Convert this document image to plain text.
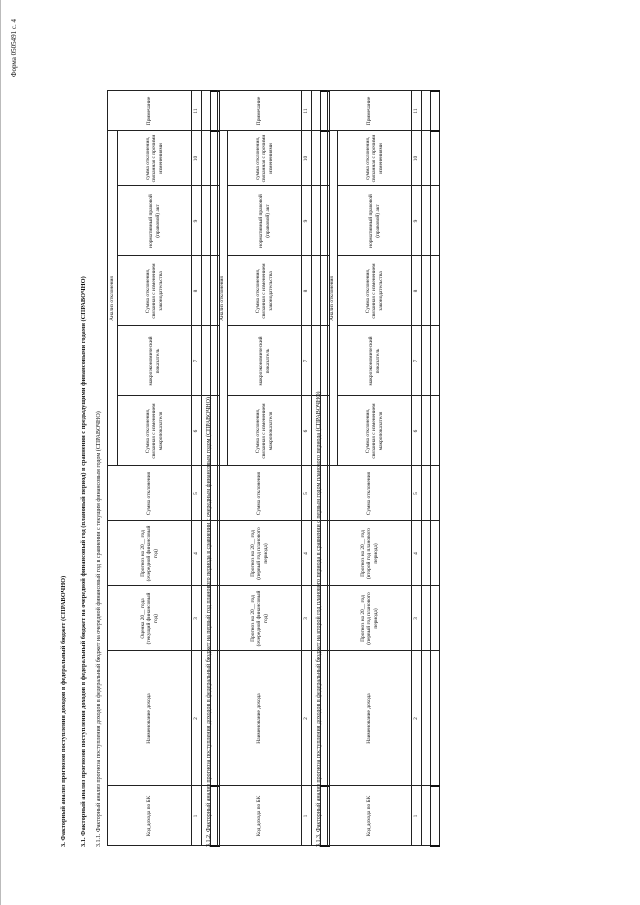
Форма 0505491 с. 4
3. Факторный анализ прогнозов поступления доходов в федеральный бюджет (СПРАВОЧНО) 3.1. Факторный анализ прогнозов поступления доходов в федеральный бюджет на очередной финансовый год (плановый период) в сравнении с предыдущими финансовыми годами (СПРАВОЧНО) 3.1.1. Факторный анализ прогноза поступления доходов в федеральный бюджет на очередной финансовый год в сравнении с текущим финансовым годом (СПРАВОЧНО)	Код дохода по БК	Наименование дохода	Оценка 20__ года (текущий финансовый год)	Прогноз на 20__ год (очередной финансовый год)	Сумма отклонения	Анализ отклонения					Примечание
					Сумма отклонения, связанная с изменением макропоказателя	макроэкономический показатель	Сумма отклонения, связанная с изменением законодательства	нормативный правовой (правовой) акт	сумма отклонения, связанная с прочими изменениями	
1	2	3	4	5	6	7	8	9	10	11

3.1.2. Факторный анализ прогноза поступления доходов в федеральный бюджет на первый год планового периода в сравнении с очередным финансовым годом (СПРАВОЧНО)	Код дохода по БК	Наименование дохода	Прогноз на 20__ год (очередной финансовый год)	Прогноз на 20__ год (первый год планового периода)	Сумма отклонения	Анализ отклонения					Примечание
					Сумма отклонения, связанная с изменением макропоказателя	макроэкономический показатель	Сумма отклонения, связанная с изменением законодательства	нормативный правовой (правовой) акт	сумма отклонения, связанная с прочими изменениями	
1	2	3	4	5	6	7	8	9	10	11

3.1.3. Факторный анализ прогноза поступления доходов в федеральный бюджет на второй год планового периода в сравнении с первым годом планового периода (СПРАВОЧНО)	Код дохода по БК	Наименование дохода	Прогноз на 20__ год (первый год планового периода)	Прогноз на 20__ год (второй год планового периода)	Сумма отклонения	Анализ отклонения					Примечание
					Сумма отклонения, связанная с изменением макропоказателя	макроэкономический показатель	Сумма отклонения, связанная с изменением законодательства	нормативный правовой (правовой) акт	сумма отклонения, связанная с прочими изменениями	
1	2	3	4	5	6	7	8	9	10	11
